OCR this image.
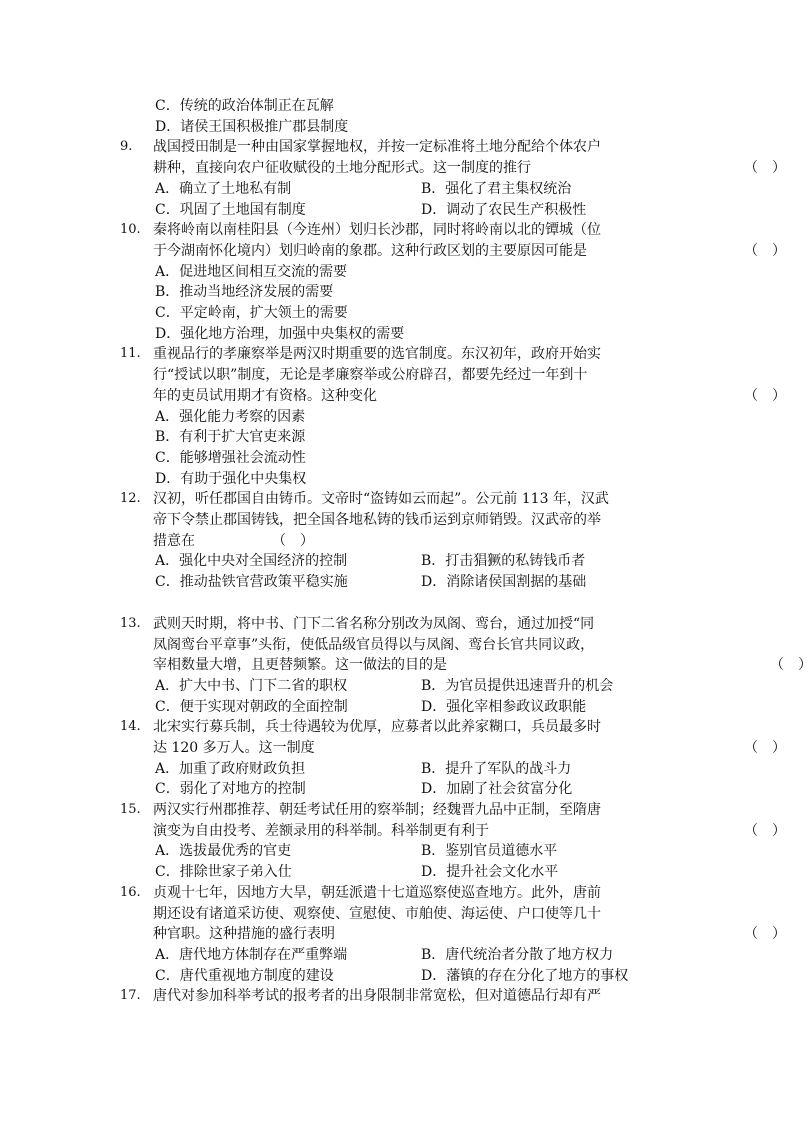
C．传统的政治体制正在瓦解
D．诸侯王国积极推广郡县制度
9.	战国授田制是一种由国家掌握地权，并按一定标准将土地分配给个体农户
耕种，直接向农户征收赋役的土地分配形式。这一制度的推行	（　）
A．确立了土地私有制	B．强化了君主集权统治
C．巩固了土地国有制度	D．调动了农民生产积极性
10. 秦将岭南以南桂阳县（今连州）划归长沙郡，同时将岭南以北的镡城（位
于今湖南怀化境内）划归岭南的象郡。这种行政区划的主要原因可能是	（　）
A．促进地区间相互交流的需要
B．推动当地经济发展的需要
C．平定岭南，扩大领土的需要
D．强化地方治理，加强中央集权的需要
11. 重视品行的孝廉察举是两汉时期重要的选官制度。东汉初年，政府开始实
行“授试以职”制度，无论是孝廉察举或公府辟召，都要先经过一年到十
年的吏员试用期才有资格。这种变化	（　）
A．强化能力考察的因素
B．有利于扩大官吏来源
C．能够增强社会流动性
D．有助于强化中央集权
12. 汉初，听任郡国自由铸币。文帝时“盗铸如云而起”。公元前 113 年，汉武
帝下令禁止郡国铸钱，把全国各地私铸的钱币运到京师销毁。汉武帝的举
措意在　　　　　　（　）
A．强化中央对全国经济的控制	B．打击猖獗的私铸钱币者
C．推动盐铁官营政策平稳实施	D．消除诸侯国割据的基础
13. 武则天时期，将中书、门下二省名称分别改为凤阁、鸾台，通过加授“同
凤阁鸾台平章事”头衔，使低品级官员得以与凤阁、鸾台长官共同议政，
宰相数量大增，且更替频繁。这一做法的目的是	（　）
A．扩大中书、门下二省的职权	B．为官员提供迅速晋升的机会
C．便于实现对朝政的全面控制	D．强化宰相参政议政职能
14. 北宋实行募兵制，兵士待遇较为优厚，应募者以此养家糊口，兵员最多时
达 120 多万人。这一制度	（　）
A．加重了政府财政负担	B．提升了军队的战斗力
C．弱化了对地方的控制	D．加剧了社会贫富分化
15. 两汉实行州郡推荐、朝廷考试任用的察举制；经魏晋九品中正制，至隋唐
演变为自由投考、差额录用的科举制。科举制更有利于	（　）
A．选拔最优秀的官吏	B．鉴别官员道德水平
C．排除世家子弟入仕	D．提升社会文化水平
16. 贞观十七年，因地方大旱，朝廷派遣十七道巡察使巡查地方。此外，唐前
期还设有诸道采访使、观察使、宣慰使、市舶使、海运使、户口使等几十
种官职。这种措施的盛行表明	（　）
A．唐代地方体制存在严重弊端	B．唐代统治者分散了地方权力
C．唐代重视地方制度的建设	D．藩镇的存在分化了地方的事权
17. 唐代对参加科举考试的报考者的出身限制非常宽松，但对道德品行却有严
